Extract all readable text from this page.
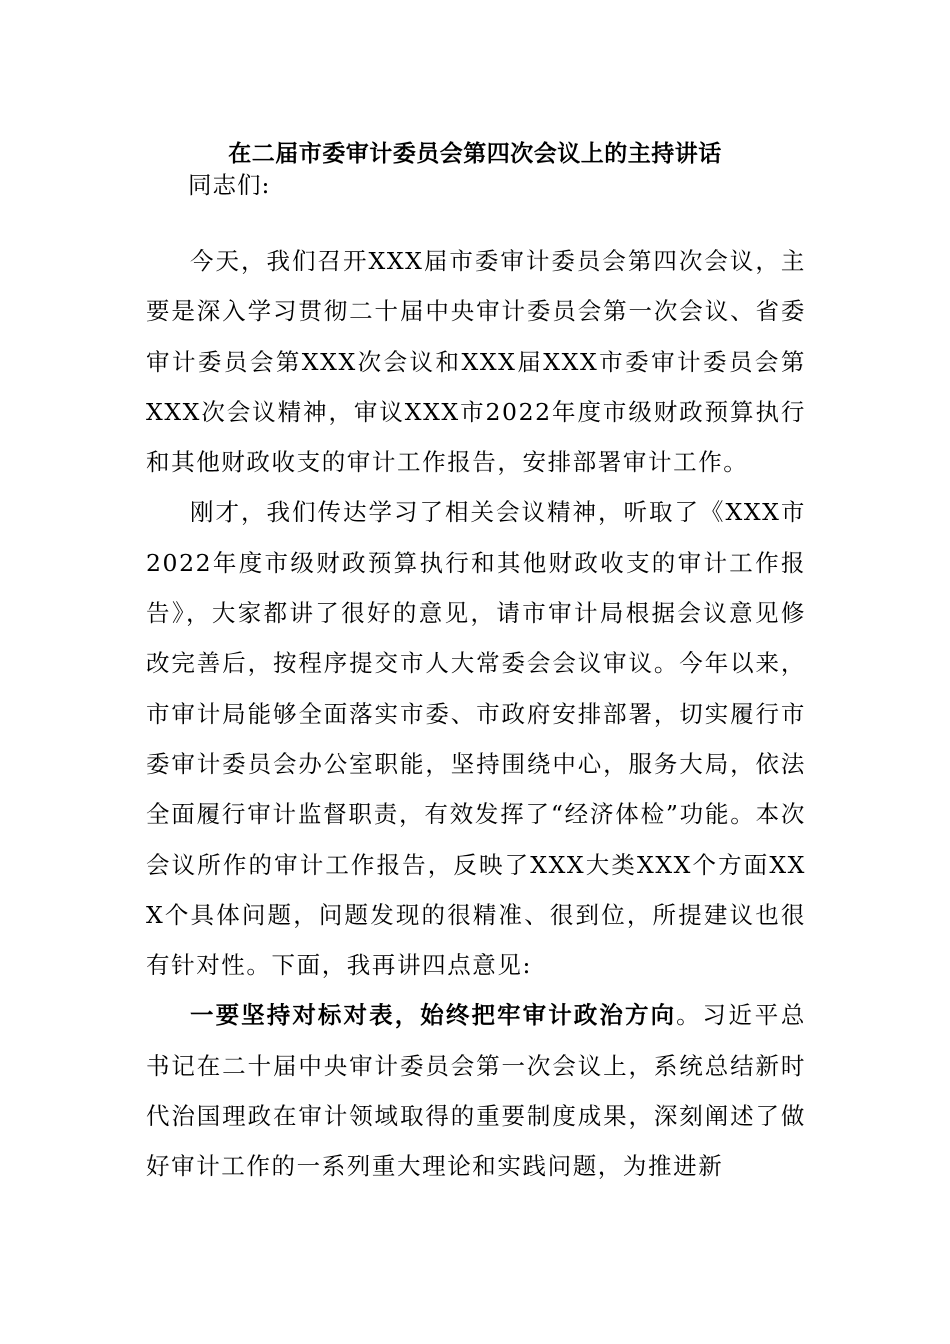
在二届市委审计委员会第四次会议上的主持讲话

同志们:

今天，我们召开XXX届市委审计委员会第四次会议，主要是深入学习贯彻二十届中央审计委员会第一次会议、省委审计委员会第XXX次会议和XXX届XXX市委审计委员会第XXX次会议精神，审议XXX市2022年度市级财政预算执行和其他财政收支的审计工作报告，安排部署审计工作。

刚才，我们传达学习了相关会议精神，听取了《XXX市2022年度市级财政预算执行和其他财政收支的审计工作报告》，大家都讲了很好的意见，请市审计局根据会议意见修改完善后，按程序提交市人大常委会会议审议。今年以来，市审计局能够全面落实市委、市政府安排部署，切实履行市委审计委员会办公室职能，坚持围绕中心，服务大局，依法全面履行审计监督职责，有效发挥了“经济体检”功能。本次会议所作的审计工作报告，反映了XXX大类XXX个方面XXX个具体问题，问题发现的很精准、很到位，所提建议也很有针对性。下面，我再讲四点意见:

一要坚持对标对表，始终把牢审计政治方向。习近平总书记在二十届中央审计委员会第一次会议上，系统总结新时代治国理政在审计领域取得的重要制度成果，深刻阐述了做好审计工作的一系列重大理论和实践问题，为推进新
